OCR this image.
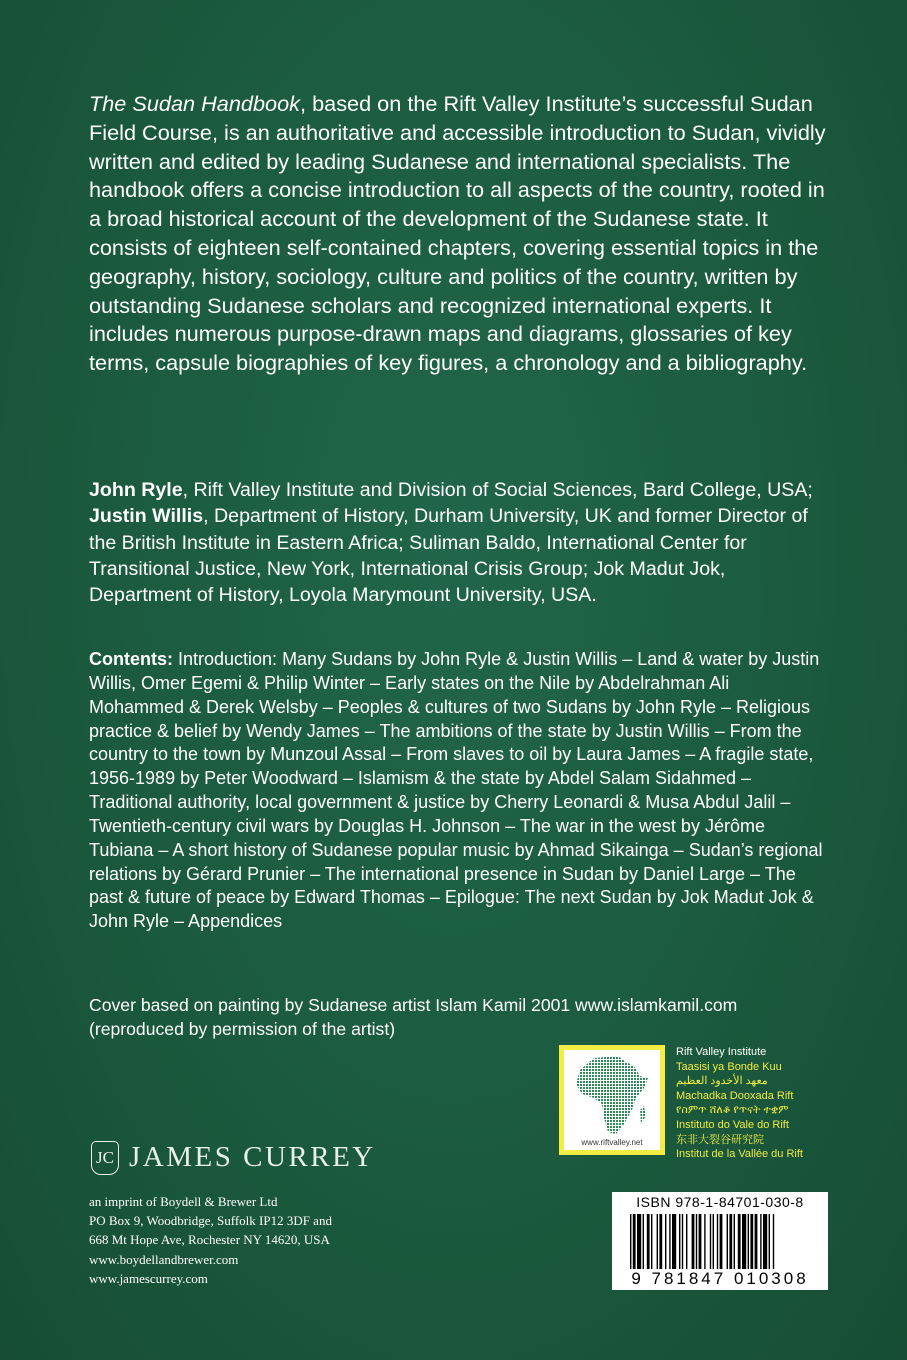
The Sudan Handbook, based on the Rift Valley Institute’s successful Sudan Field Course, is an authoritative and accessible introduction to Sudan, vividly written and edited by leading Sudanese and international specialists. The handbook offers a concise introduction to all aspects of the country, rooted in a broad historical account of the development of the Sudanese state. It consists of eighteen self-contained chapters, covering essential topics in the geography, history, sociology, culture and politics of the country, written by outstanding Sudanese scholars and recognized international experts. It includes numerous purpose-drawn maps and diagrams, glossaries of key terms, capsule biographies of key figures, a chronology and a bibliography.
John Ryle, Rift Valley Institute and Division of Social Sciences, Bard College, USA; Justin Willis, Department of History, Durham University, UK and former Director of the British Institute in Eastern Africa; Suliman Baldo, International Center for Transitional Justice, New York, International Crisis Group; Jok Madut Jok, Department of History, Loyola Marymount University, USA.
Contents: Introduction: Many Sudans by John Ryle & Justin Willis – Land & water by Justin Willis, Omer Egemi & Philip Winter – Early states on the Nile by Abdelrahman Ali Mohammed & Derek Welsby – Peoples & cultures of two Sudans by John Ryle – Religious practice & belief by Wendy James – The ambitions of the state by Justin Willis – From the country to the town by Munzoul Assal – From slaves to oil by Laura James – A fragile state, 1956-1989 by Peter Woodward – Islamism & the state by Abdel Salam Sidahmed – Traditional authority, local government & justice by Cherry Leonardi & Musa Abdul Jalil – Twentieth-century civil wars by Douglas H. Johnson – The war in the west by Jérôme Tubiana – A short history of Sudanese popular music by Ahmad Sikainga – Sudan’s regional relations by Gérard Prunier – The international presence in Sudan by Daniel Large – The past & future of peace by Edward Thomas – Epilogue: The next Sudan by Jok Madut Jok & John Ryle – Appendices
Cover based on painting by Sudanese artist Islam Kamil 2001 www.islamkamil.com
(reproduced by permission of the artist)
www.riftvalley.net
Rift Valley Institute
Taasisi ya Bonde Kuu
معهد الأخدود العظيم
Machadka Dooxada Rift
የስምጥ ሸለቆ የጥናት ተቋም
Instituto do Vale do Rift
东非大裂谷研究院
Institut de la Vallée du Rift
JC JAMES CURREY
an imprint of Boydell & Brewer Ltd
PO Box 9, Woodbridge, Suffolk IP12 3DF and
668 Mt Hope Ave, Rochester NY 14620, USA
www.boydellandbrewer.com
www.jamescurrey.com
ISBN 978-1-84701-030-8
9 781847 010308
